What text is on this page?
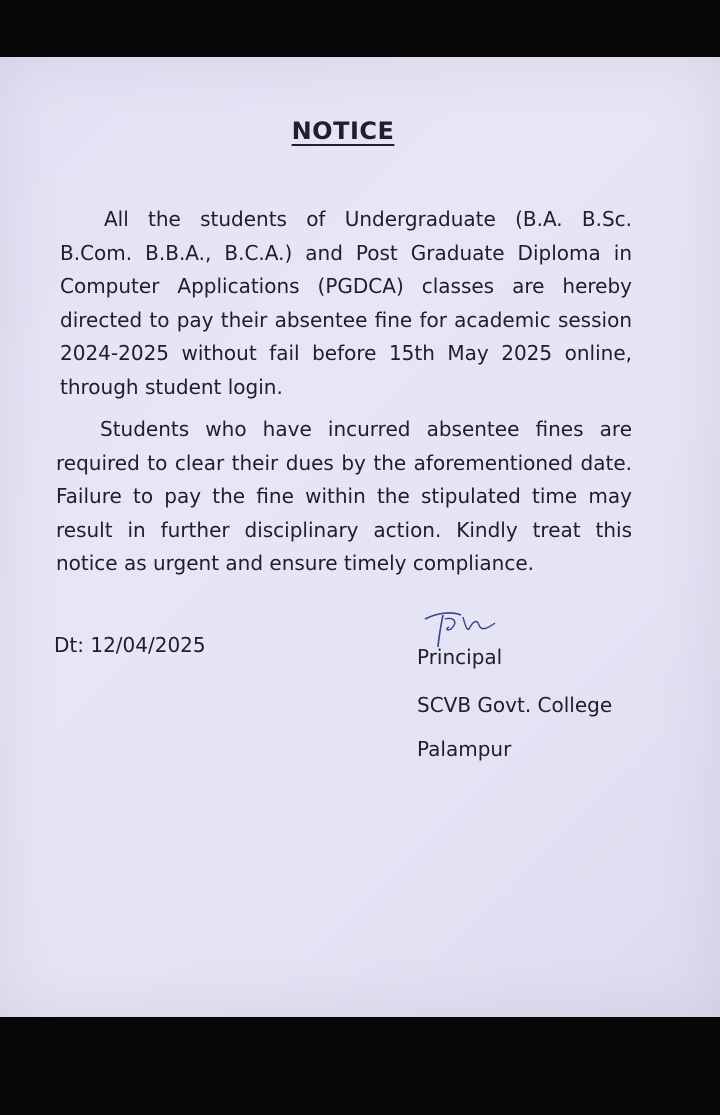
NOTICE

All the students of Undergraduate (B.A. B.Sc. B.Com. B.B.A., B.C.A.) and Post Graduate Diploma in Computer Applications (PGDCA) classes are hereby directed to pay their absentee fine for academic session 2024-2025 without fail before 15th May 2025 online, through student login.

Students who have incurred absentee fines are required to clear their dues by the aforementioned date. Failure to pay the fine within the stipulated time may result in further disciplinary action. Kindly treat this notice as urgent and ensure timely compliance.

Dt: 12/04/2025	Principal
SCVB Govt. College
Palampur
